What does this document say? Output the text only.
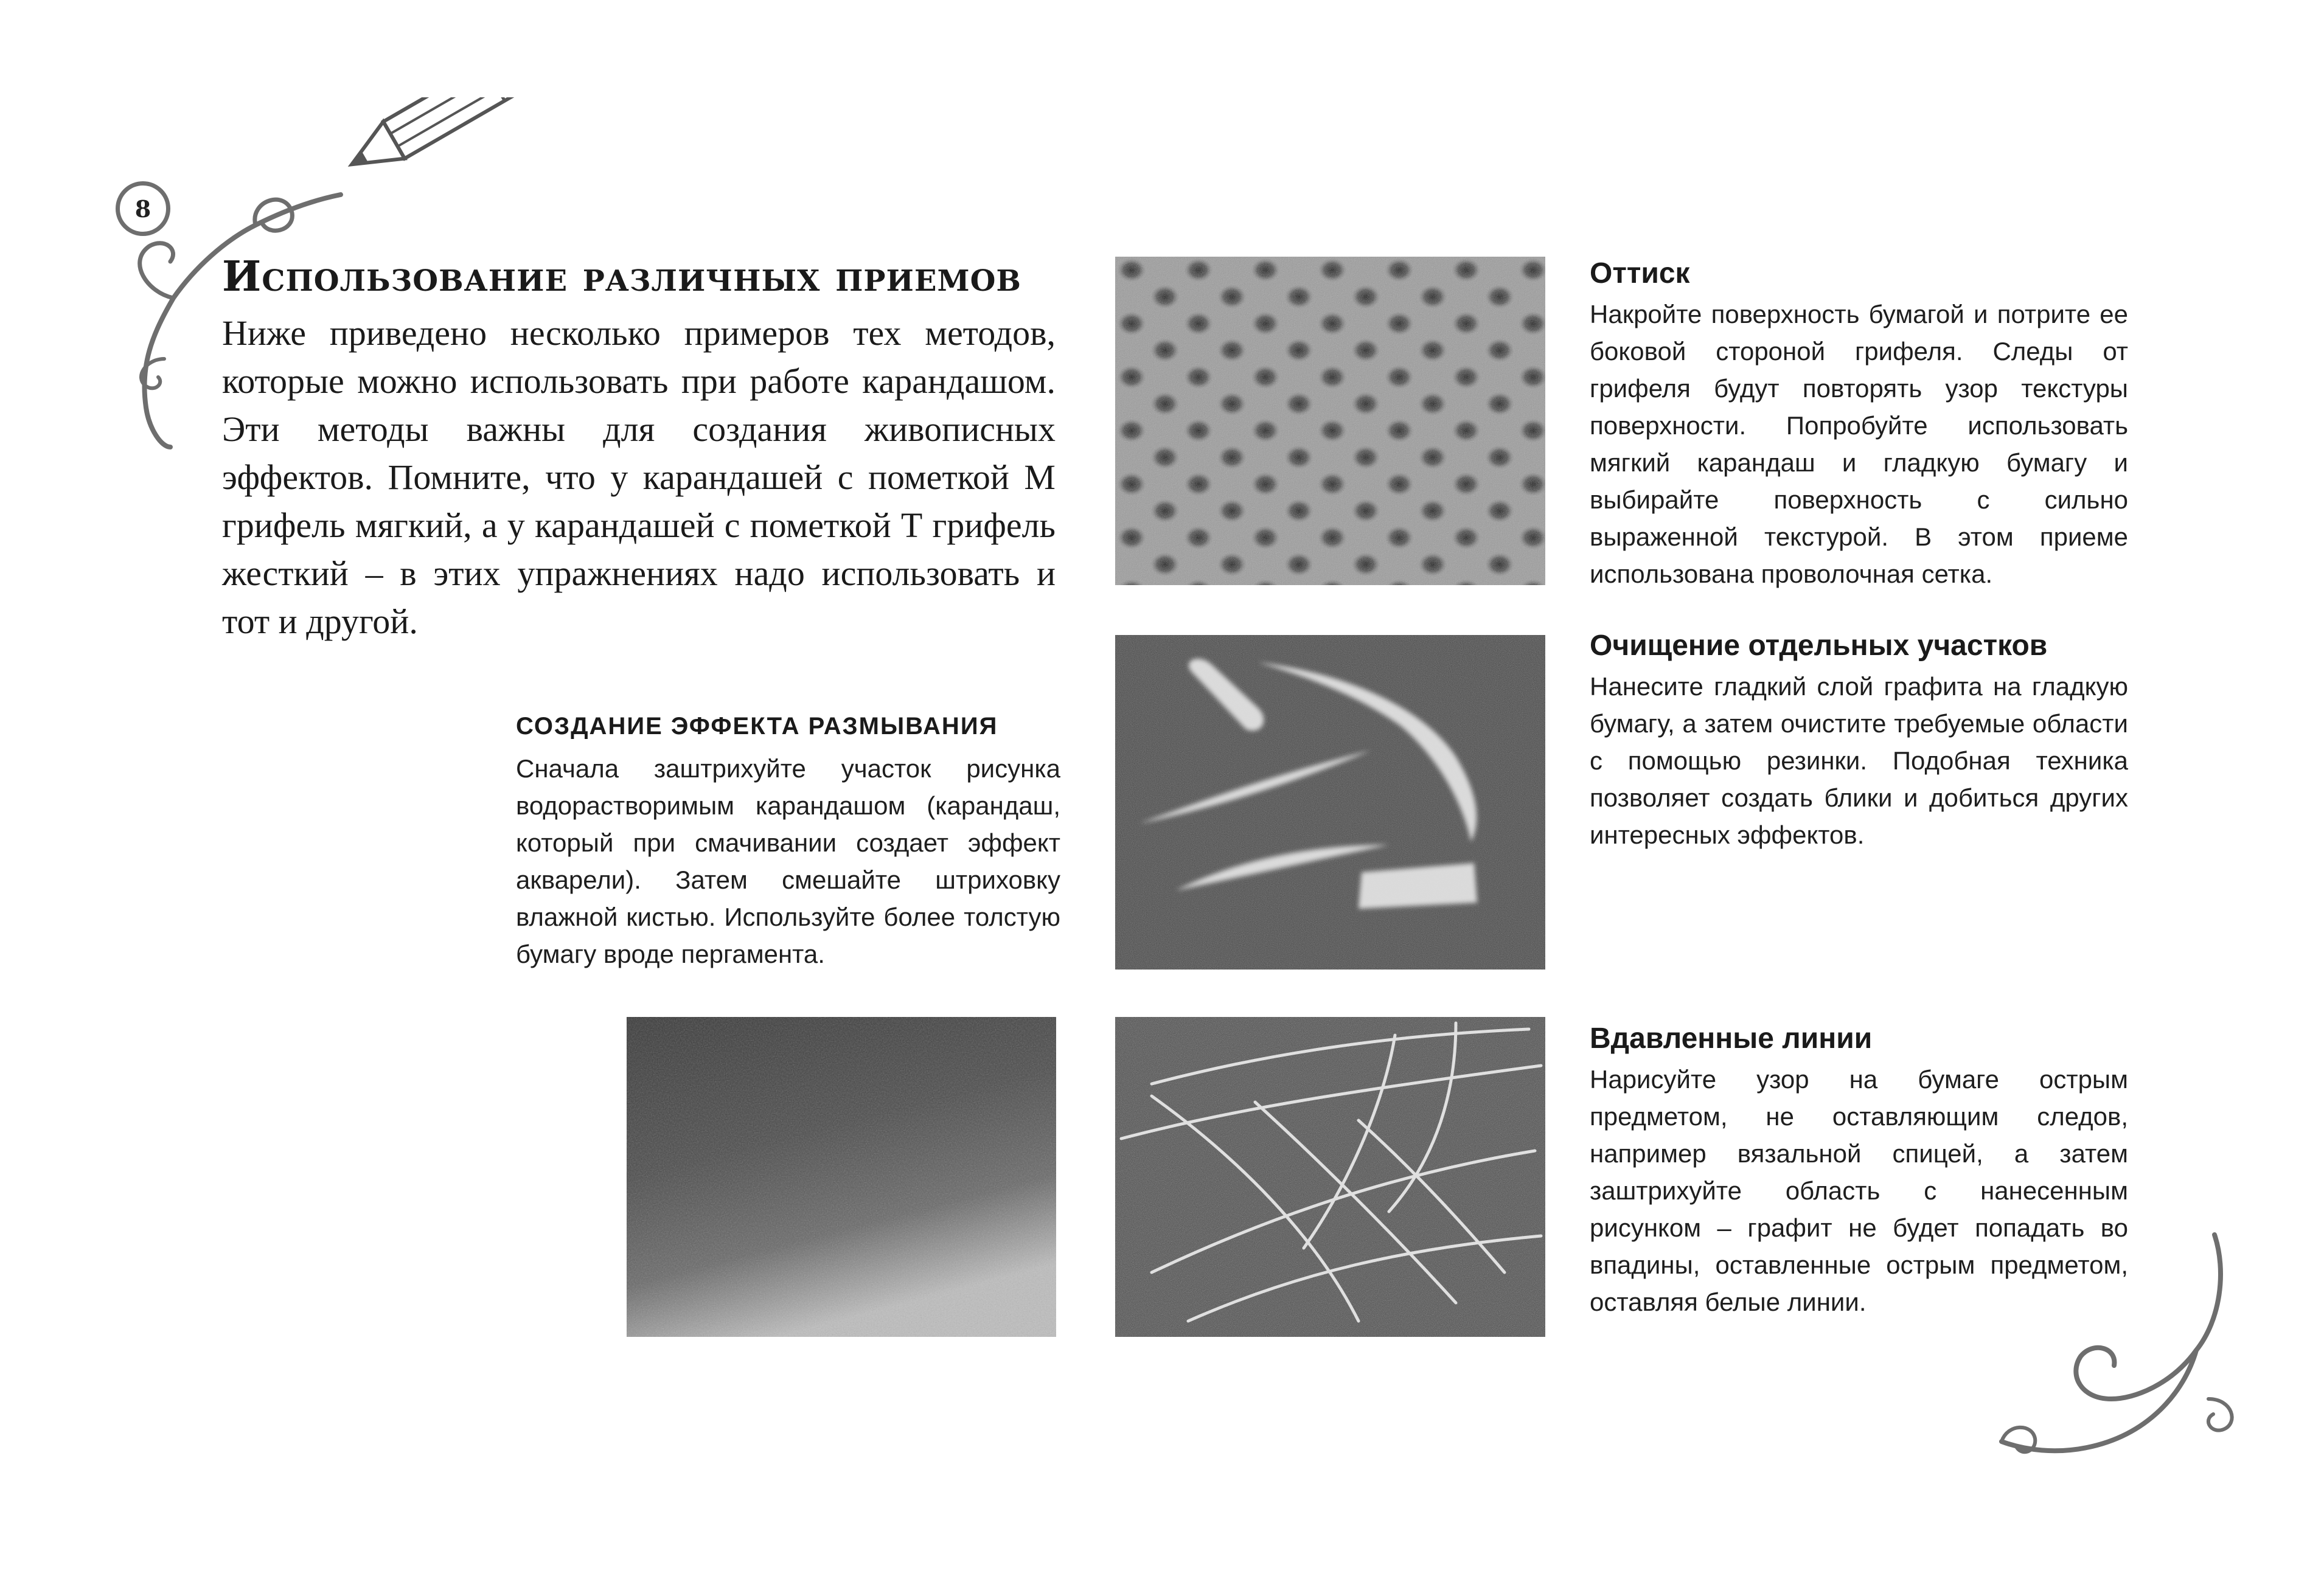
8
Использование различных приемов
Ниже приведено несколько примеров тех методов, которые можно использовать при работе карандашом. Эти методы важны для создания живописных эффектов. Помните, что у карандашей с пометкой М грифель мягкий, а у карандашей с пометкой Т грифель жесткий – в этих упражнениях надо использовать и тот и другой.
СОЗДАНИЕ ЭФФЕКТА РАЗМЫВАНИЯ
Сначала заштрихуйте участок рисунка водорастворимым карандашом (карандаш, который при смачивании создает эффект акварели). Затем смешайте штриховку влажной кистью. Используйте более толстую бумагу вроде пергамента.
Оттиск
Накройте поверхность бумагой и потрите ее боковой стороной грифеля. Следы от грифеля будут повторять узор текстуры поверхности. Попробуйте использовать мягкий карандаш и гладкую бумагу и выбирайте поверхность с сильно выраженной текстурой. В этом приеме использована проволочная сетка.
Очищение отдельных участков
Нанесите гладкий слой графита на гладкую бумагу, а затем очистите требуемые области с помощью резинки. Подобная техника позволяет создать блики и добиться других интересных эффектов.
Вдавленные линии
Нарисуйте узор на бумаге острым предметом, не оставляющим следов, например вязальной спицей, а затем заштрихуйте область с нанесенным рисунком – графит не будет попадать во впадины, оставленные острым предметом, оставляя белые линии.
